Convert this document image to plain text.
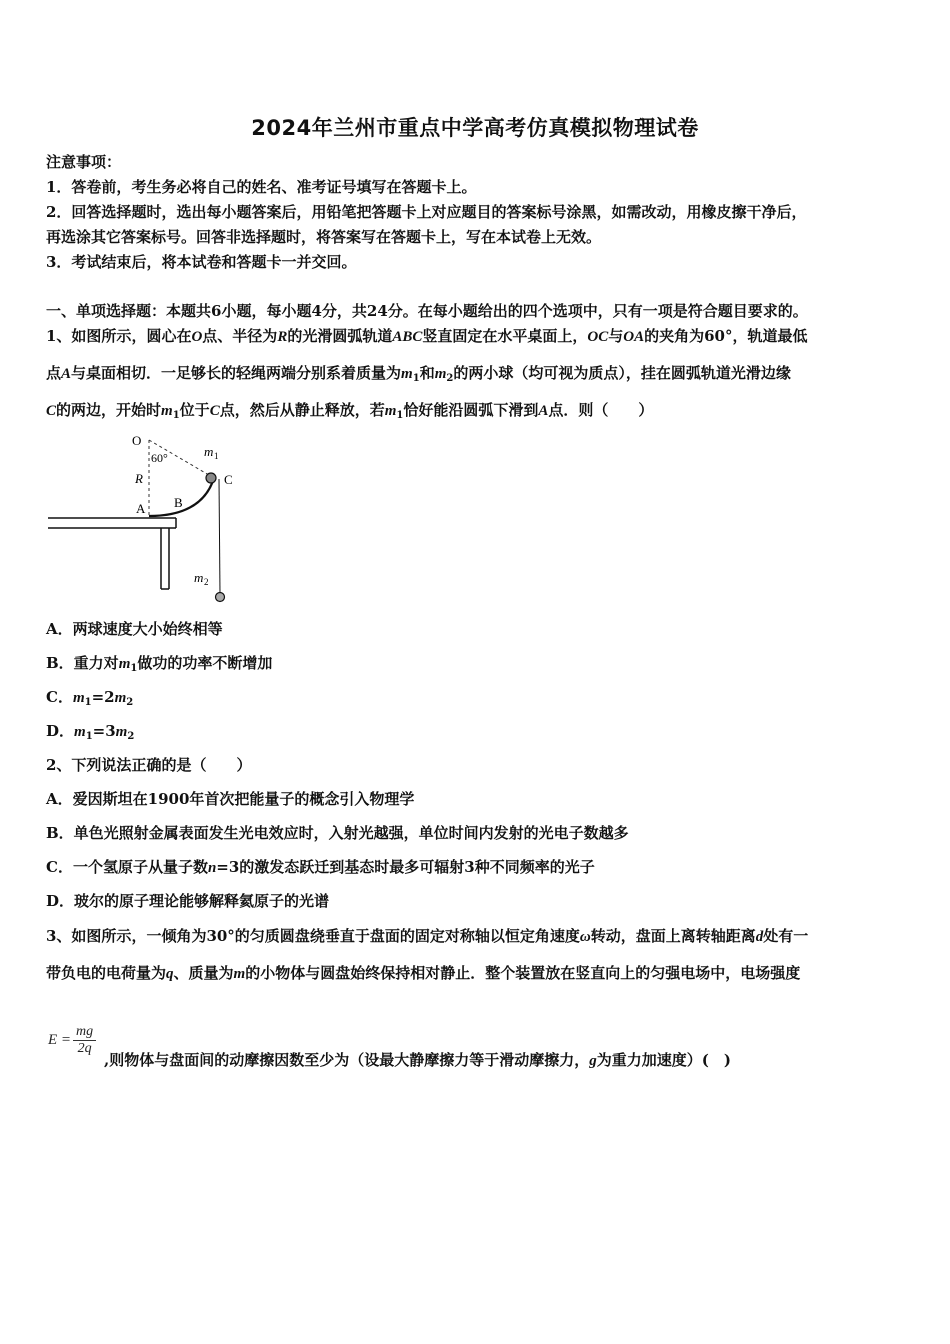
2024年兰州市重点中学高考仿真模拟物理试卷
注意事项：
1．答卷前，考生务必将自己的姓名、准考证号填写在答题卡上。
2．回答选择题时，选出每小题答案后，用铅笔把答题卡上对应题目的答案标号涂黑，如需改动，用橡皮擦干净后，
再选涂其它答案标号。回答非选择题时，将答案写在答题卡上，写在本试卷上无效。
3．考试结束后，将本试卷和答题卡一并交回。
一、单项选择题：本题共6小题，每小题4分，共24分。在每小题给出的四个选项中，只有一项是符合题目要求的。
1、如图所示，圆心在O点、半径为R的光滑圆弧轨道ABC竖直固定在水平桌面上，OC与OA的夹角为60°，轨道最低
点A与桌面相切．一足够长的轻绳两端分别系着质量为$m_1$和$m_2$的两小球（均可视为质点），挂在圆弧轨道光滑边缘
C的两边，开始时$m_1$位于C点，然后从静止释放，若$m_1$恰好能沿圆弧下滑到A点．则（　　）
O
60°	m 1
C
R
B
A
m 2
A．两球速度大小始终相等
B．重力对$m_1$做功的功率不断增加
C．$m_1=2m_2$
D．$m_1=3m_2$
2、下列说法正确的是（　　）
A．爱因斯坦在1900年首次把能量子的概念引入物理学
B．单色光照射金属表面发生光电效应时，入射光越强，单位时间内发射的光电子数越多
C．一个氢原子从量子数n=3的激发态跃迁到基态时最多可辐射3种不同频率的光子
D．玻尔的原子理论能够解释氦原子的光谱
3、如图所示，一倾角为30°的匀质圆盘绕垂直于盘面的固定对称轴以恒定角速度ω转动，盘面上离转轴距离d处有一
带负电的电荷量为q、质量为m的小物体与圆盘始终保持相对静止．整个装置放在竖直向上的匀强电场中，电场强度
$E = \frac{mg}{2q}$
,则物体与盘面间的动摩擦因数至少为（设最大静摩擦力等于滑动摩擦力，g为重力加速度）(　)
